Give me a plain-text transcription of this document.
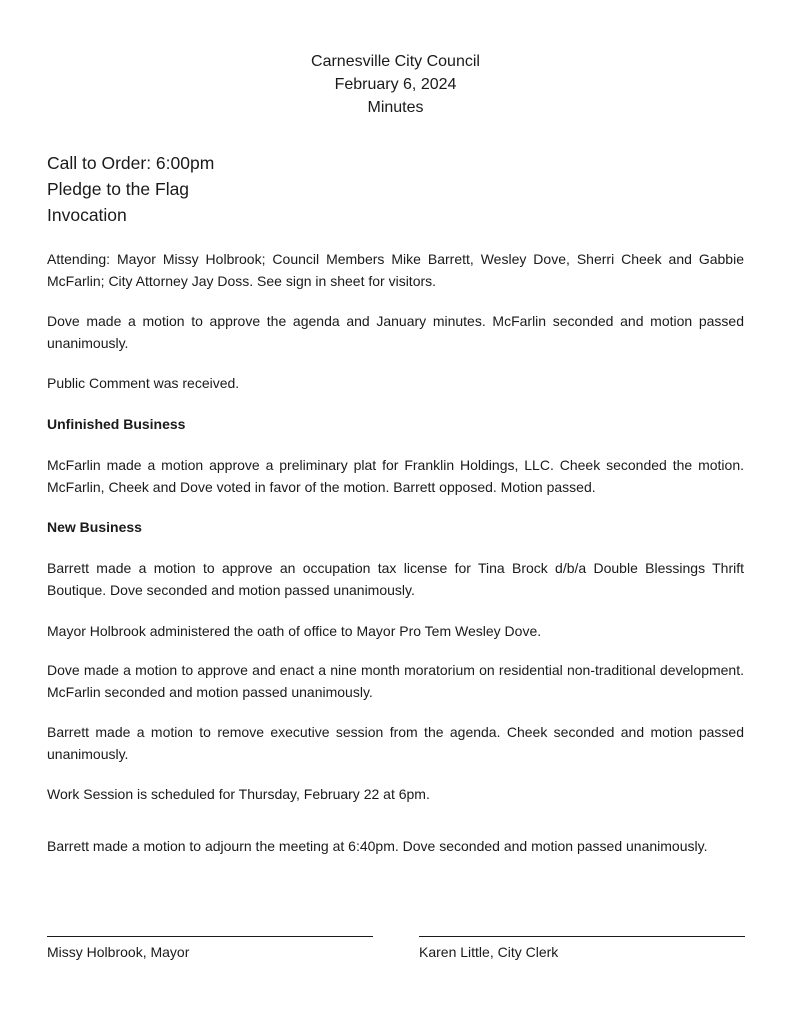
Carnesville City Council
February 6, 2024
Minutes
Call to Order: 6:00pm
Pledge to the Flag
Invocation
Attending: Mayor Missy Holbrook; Council Members Mike Barrett, Wesley Dove, Sherri Cheek and Gabbie McFarlin; City Attorney Jay Doss. See sign in sheet for visitors.
Dove made a motion to approve the agenda and January minutes. McFarlin seconded and motion passed unanimously.
Public Comment was received.
Unfinished Business
McFarlin made a motion approve a preliminary plat for Franklin Holdings, LLC. Cheek seconded the motion. McFarlin, Cheek and Dove voted in favor of the motion. Barrett opposed. Motion passed.
New Business
Barrett made a motion to approve an occupation tax license for Tina Brock d/b/a Double Blessings Thrift Boutique. Dove seconded and motion passed unanimously.
Mayor Holbrook administered the oath of office to Mayor Pro Tem Wesley Dove.
Dove made a motion to approve and enact a nine month moratorium on residential non-traditional development. McFarlin seconded and motion passed unanimously.
Barrett made a motion to remove executive session from the agenda. Cheek seconded and motion passed unanimously.
Work Session is scheduled for Thursday, February 22 at 6pm.
Barrett made a motion to adjourn the meeting at 6:40pm. Dove seconded and motion passed unanimously.
Missy Holbrook, Mayor	Karen Little, City Clerk
